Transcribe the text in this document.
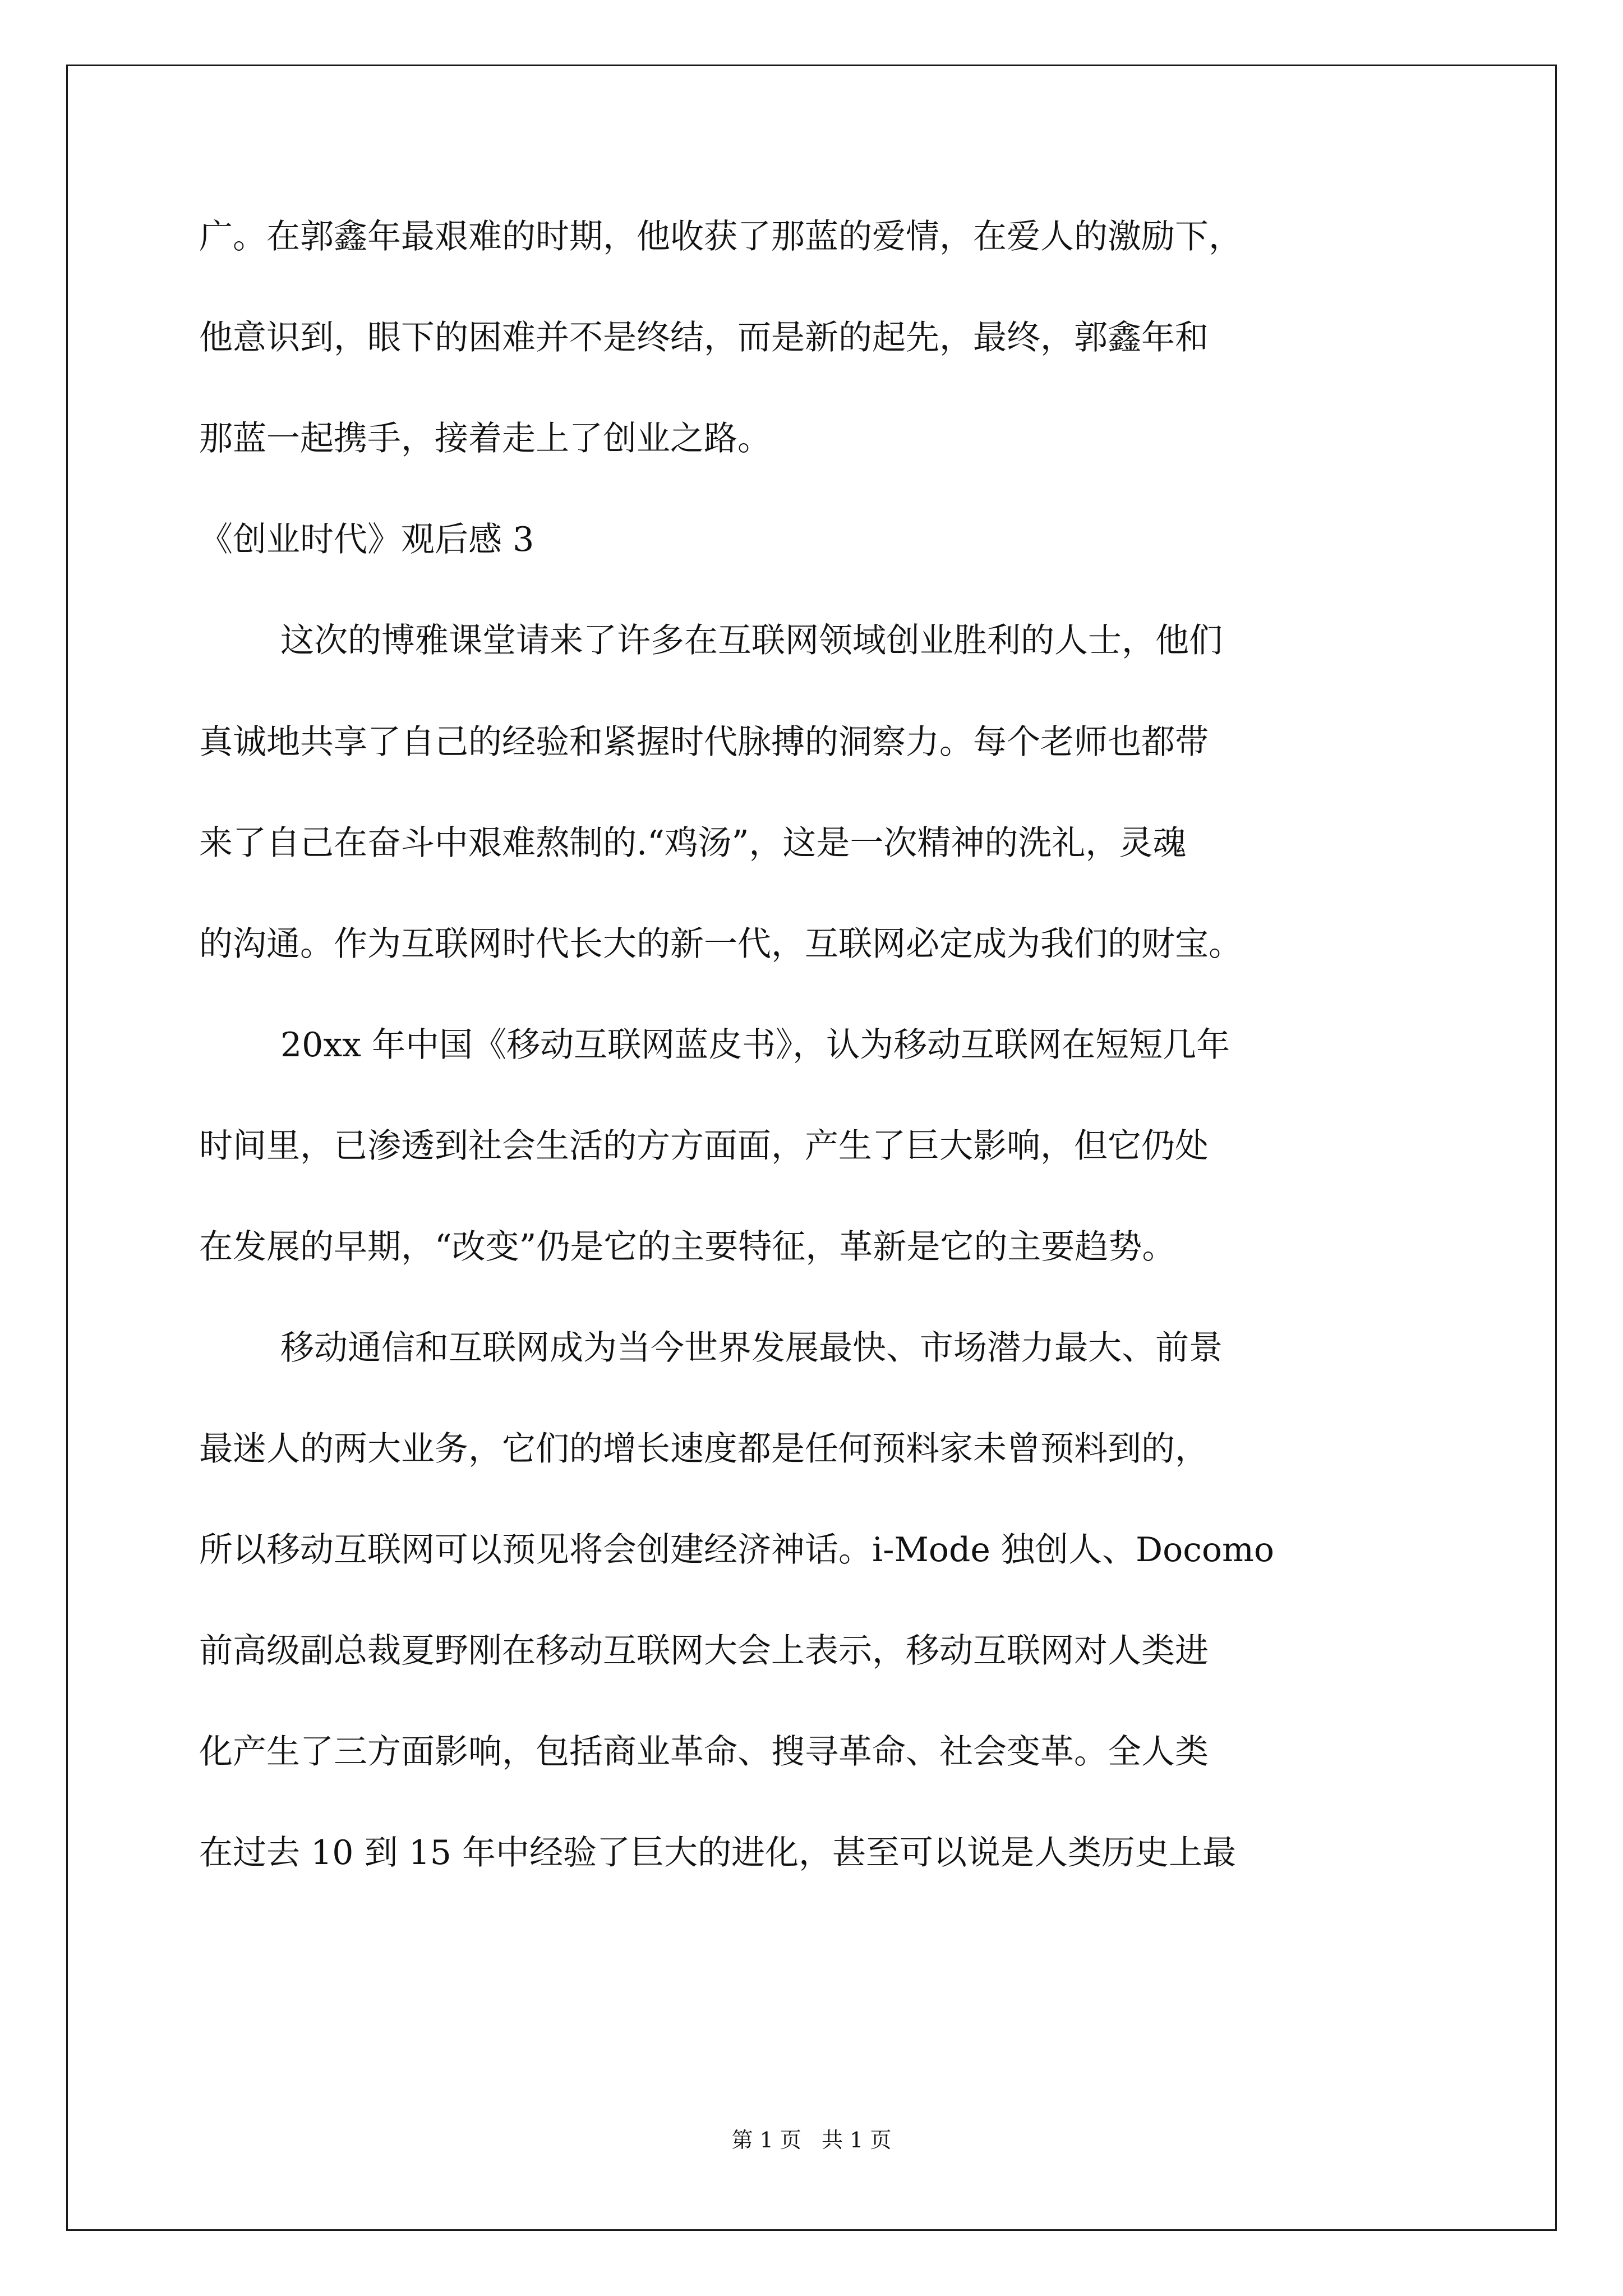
广。在郭鑫年最艰难的时期，他收获了那蓝的爱情，在爱人的激励下，

他意识到，眼下的困难并不是终结，而是新的起先，最终，郭鑫年和

那蓝一起携手，接着走上了创业之路。

《创业时代》观后感 3

这次的博雅课堂请来了许多在互联网领域创业胜利的人士，他们

真诚地共享了自己的经验和紧握时代脉搏的洞察力。每个老师也都带

来了自己在奋斗中艰难熬制的.“鸡汤”，这是一次精神的洗礼，灵魂

的沟通。作为互联网时代长大的新一代，互联网必定成为我们的财宝。

20xx 年中国《移动互联网蓝皮书》，认为移动互联网在短短几年

时间里，已渗透到社会生活的方方面面，产生了巨大影响，但它仍处

在发展的早期，“改变”仍是它的主要特征，革新是它的主要趋势。

移动通信和互联网成为当今世界发展最快、市场潜力最大、前景

最迷人的两大业务，它们的增长速度都是任何预料家未曾预料到的，

所以移动互联网可以预见将会创建经济神话。i-Mode 独创人、Docomo

前高级副总裁夏野刚在移动互联网大会上表示，移动互联网对人类进

化产生了三方面影响，包括商业革命、搜寻革命、社会变革。全人类

在过去 10 到 15 年中经验了巨大的进化，甚至可以说是人类历史上最

第 1 页   共 1 页
